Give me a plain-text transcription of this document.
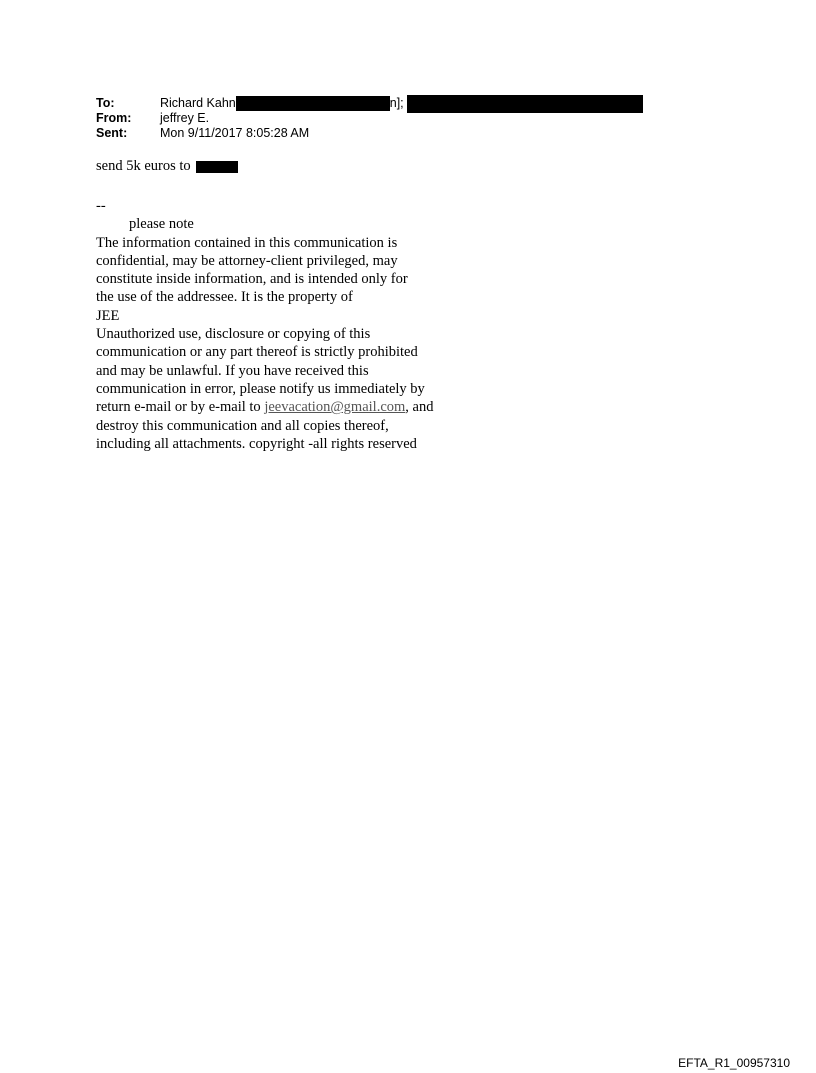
To:	Richard Kahn	n];
From:	jeffrey E.
Sent:	Mon 9/11/2017 8:05:28 AM
send 5k euros to
--
please note
The information contained in this communication is
confidential, may be attorney-client privileged, may
constitute inside information, and is intended only for
the use of the addressee. It is the property of
JEE
Unauthorized use, disclosure or copying of this
communication or any part thereof is strictly prohibited
and may be unlawful. If you have received this
communication in error, please notify us immediately by
return e-mail or by e-mail to jeevacation@gmail.com, and
destroy this communication and all copies thereof,
including all attachments. copyright -all rights reserved
EFTA_R1_00957310
